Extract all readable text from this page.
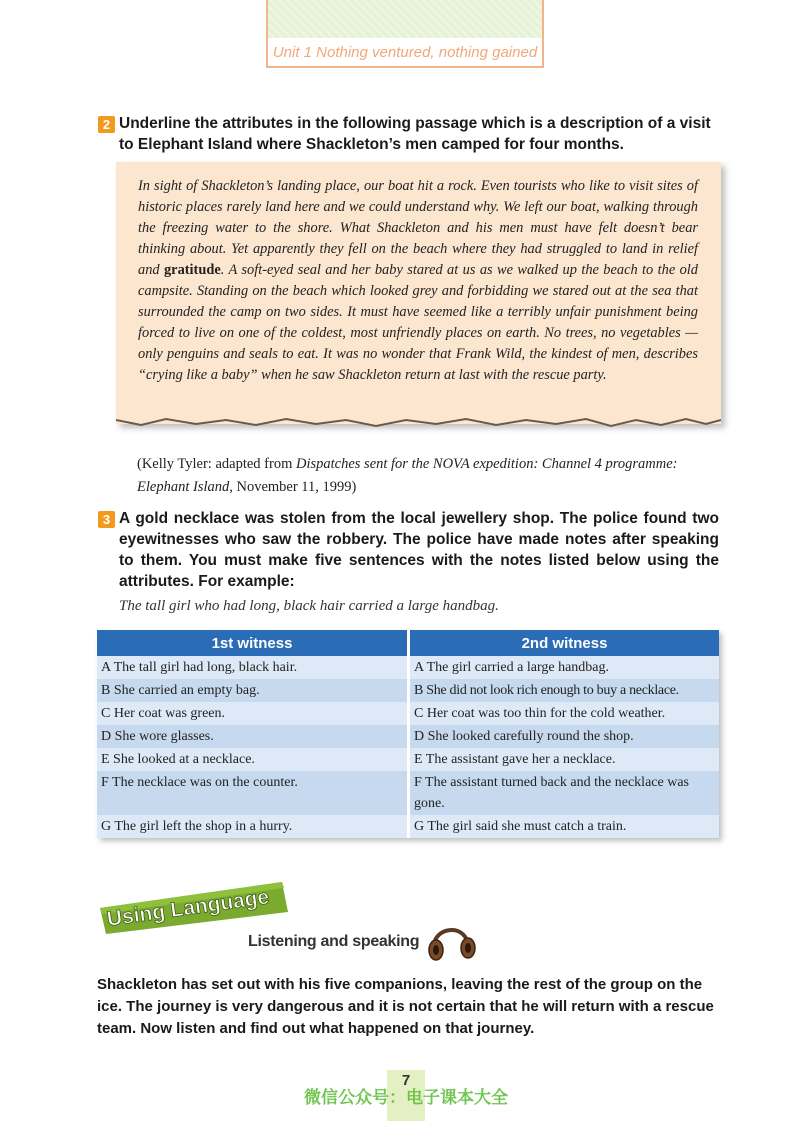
Unit 1 Nothing ventured, nothing gained
2 Underline the attributes in the following passage which is a description of a visit
to Elephant Island where Shackleton’s men camped for four months.
In sight of Shackleton’s landing place, our boat hit a rock. Even tourists who like to visit sites of historic places rarely land here and we could understand why. We left our boat, walking through the freezing water to the shore. What Shackleton and his men must have felt doesn’t bear thinking about. Yet apparently they fell on the beach where they had struggled to land in relief and gratitude. A soft-eyed seal and her baby stared at us as we walked up the beach to the old campsite. Standing on the beach which looked grey and forbidding we stared out at the sea that surrounded the camp on two sides. It must have seemed like a terribly unfair punishment being forced to live on one of the coldest, most unfriendly places on earth. No trees, no vegetables — only penguins and seals to eat. It was no wonder that Frank Wild, the kindest of men, describes “crying like a baby” when he saw Shackleton return at last with the rescue party.
(Kelly Tyler: adapted from Dispatches sent for the NOVA expedition: Channel 4 programme: Elephant Island, November 11, 1999)
3 A gold necklace was stolen from the local jewellery shop. The police found two eyewitnesses who saw the robbery. The police have made notes after speaking to them. You must make five sentences with the notes listed below using the attributes. For example:
The tall girl who had long, black hair carried a large handbag.
1st witness	2nd witness
A The tall girl had long, black hair.	A The girl carried a large handbag.
B She carried an empty bag.	B She did not look rich enough to buy a necklace.
C Her coat was green.	C Her coat was too thin for the cold weather.
D She wore glasses.	D She looked carefully round the shop.
E She looked at a necklace.	E The assistant gave her a necklace.
F The necklace was on the counter.	F The assistant turned back and the necklace was gone.
G The girl left the shop in a hurry.	G The girl said she must catch a train.
Using Language
Listening and speaking
Shackleton has set out with his five companions, leaving the rest of the group on the ice. The journey is very dangerous and it is not certain that he will return with a rescue team. Now listen and find out what happened on that journey.
7
微信公众号：电子课本大全
